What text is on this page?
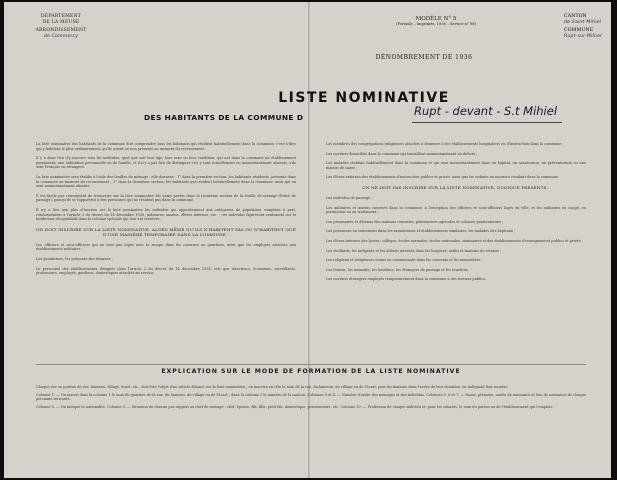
DÉPARTEMENT
DE LA MEUSE
ARRONDISSEMENT
de Commercy
CANTON
de Saint-Mihiel
COMMUNE
Rupt-sur-Mihiel
MODÈLE N° 5
(Formule – Imprimée, 1936 – Service n° 96)
DÉNOMBREMENT DE 1936
LISTE NOMINATIVE
DES HABITANTS DE LA COMMUNE D	Rupt - devant - S.t Mihiel
La liste nominative des habitants de la commune doit comprendre tous les habitants qui résident habituellement dans la commune, c'est-à-dire qui y habitent le plus ordinairement, qu'ils soient ou non présents au moment du recensement.
Il y a donc lieu d'y inscrire tous les individus, quel que soit leur âge, leur sexe ou leur condition, qui ont dans la commune un établissement permanent, une habitation personnelle ou de famille, et il n'y a pas lieu de distinguer s'ils y sont actuellement ou momentanément absents, s'ils sont Français ou étrangers.
La liste nominative sera établie à l'aide des feuilles de ménage : elle donnera : 1° dans la première section, les habitants résidents, présents dans la commune au moment du recensement ; 2° dans la deuxième section, les habitants qui résident habituellement dans la commune, mais qui en sont momentanément absents.
Il est facile par conséquent de transcrire sur la liste nominative les noms portés dans la troisième section de la feuille de ménage (lettre de passage), puisqu'ils se rapportent à des personnes qui ne résident pas dans la commune.
Il n'y a lieu non plus d'inscrire sur la liste nominative les individus qui appartiennent aux catégories de population comptées à part, conformément à l'article 2 du décret du 14 décembre 1935, militaires, marins, élèves internes, etc. ; ces individus figureront seulement sur le bordereau récapitulatif dans la colonne spéciale qui leur est réservée.
ON DOIT INSCRIRE SUR LA LISTE NOMINATIVE, ALORS MÊME QU'ILS N'HABITENT PAS OU N'HABITENT QUE D'UNE MANIÈRE TEMPORAIRE DANS LA COMMUNE :
Les officiers et sous-officiers qui ne sont pas logés avec la troupe dans les casernes ou quartiers, ainsi que les employés attachés aux établissements militaires ;
Les gendarmes, les préposés des douanes ;
Le personnel des établissements désignés dans l'article 2 du décret du 14 décembre 1935, tels que directeurs, économes, surveillants, professeurs, employés, gardiens, domestiques attachés au service.
Les membres des congrégations religieuses attachés à demeure à des établissements hospitaliers ou d'instruction dans la commune ;
Les ouvriers domiciliés dans la commune qui travaillent momentanément au dehors ;
Les malades résidant habituellement dans la commune et qui sont momentanément dans un hôpital, un sanatorium, un préventorium ou une maison de santé ;
Les élèves externes des établissements d'instruction publics et privés, ainsi que les enfants en nourrice résidant dans la commune.
ON NE DOIT PAS INSCRIRE SUR LA LISTE NOMINATIVE, QUOIQUE PRÉSENTS :
Les individus de passage ;
Les militaires et marins casernés dans la commune, à l'exception des officiers et sous-officiers logés en ville, et les militaires en congé, en permission ou en traitement ;
Les prisonniers et détenus des maisons centrales, pénitenciers agricoles et colonies pénitentiaires ;
Les personnes en traitement dans les sanatoriums et établissements similaires, les malades des hôpitaux ;
Les élèves internes des lycées, collèges, écoles normales, écoles nationales, séminaires et des établissements d'enseignement publics et privés ;
Les vieillards, les indigents et les aliénés internés dans les hospices, asiles et maisons de retraite ;
Les religieux et religieuses vivant en communauté dans les couvents et les monastères ;
Les forains, les nomades, les bateliers, les étrangers de passage et les touristes.
Les ouvriers étrangers employés temporairement dans la commune à des travaux publics.
EXPLICATION SUR LE MODE DE FORMATION DE LA LISTE NOMINATIVE
Chaque rue ou portion de rue, hameau, village, écart, etc., doit être l'objet d'un article distinct sur la liste nominative ; on inscrira en tête le nom de la rue, du hameau, du village ou de l'écart, puis les maisons dans l'ordre de leur situation, en indiquant leur numéro.
Colonne 1. — On inscrit dans la colonne 1 le nom du quartier, de la rue, du hameau, du village ou de l'écart ; dans la colonne 2 le numéro de la maison. Colonnes 3 et 4. — Numéro d'ordre des ménages et des individus. Colonnes 5, 6 et 7. — Noms, prénoms, année de naissance et lieu de naissance de chaque personne recensée.
Colonne 8. — On indique la nationalité. Colonne 9. — Situation de chacun par rapport au chef de ménage : chef, épouse, fils, fille, petit-fils, domestique, pensionnaire, etc. Colonne 10. — Profession de chaque individu et, pour les salariés, le nom du patron ou de l'établissement qui l'emploie.
